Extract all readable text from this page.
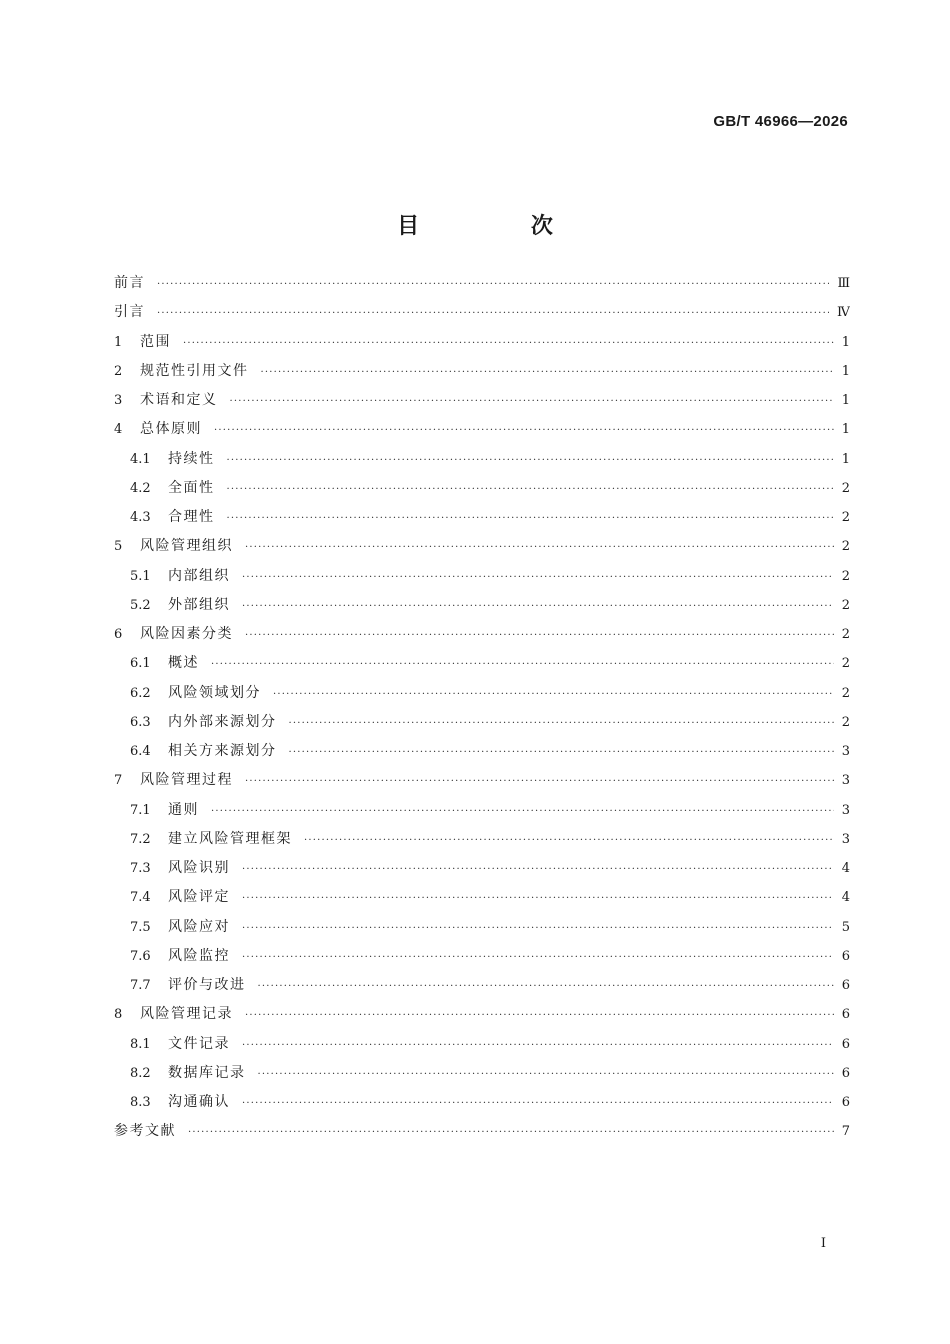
GB/T 46966—2026
目 次
前言 ·····	Ⅲ
引言 ·····	Ⅳ
1	范围 ·····	1
2	规范性引用文件 ·····	1
3	术语和定义 ·····	1
4	总体原则 ·····	1
4.1	持续性 ·····	1
4.2	全面性 ·····	2
4.3	合理性 ·····	2
5	风险管理组织 ·····	2
5.1	内部组织 ·····	2
5.2	外部组织 ·····	2
6	风险因素分类 ·····	2
6.1	概述 ·····	2
6.2	风险领域划分 ·····	2
6.3	内外部来源划分 ·····	2
6.4	相关方来源划分 ·····	3
7	风险管理过程 ·····	3
7.1	通则 ·····	3
7.2	建立风险管理框架 ·····	3
7.3	风险识别 ·····	4
7.4	风险评定 ·····	4
7.5	风险应对 ·····	5
7.6	风险监控 ·····	6
7.7	评价与改进 ·····	6
8	风险管理记录 ·····	6
8.1	文件记录 ·····	6
8.2	数据库记录 ·····	6
8.3	沟通确认 ·····	6
参考文献 ·····	7
I
